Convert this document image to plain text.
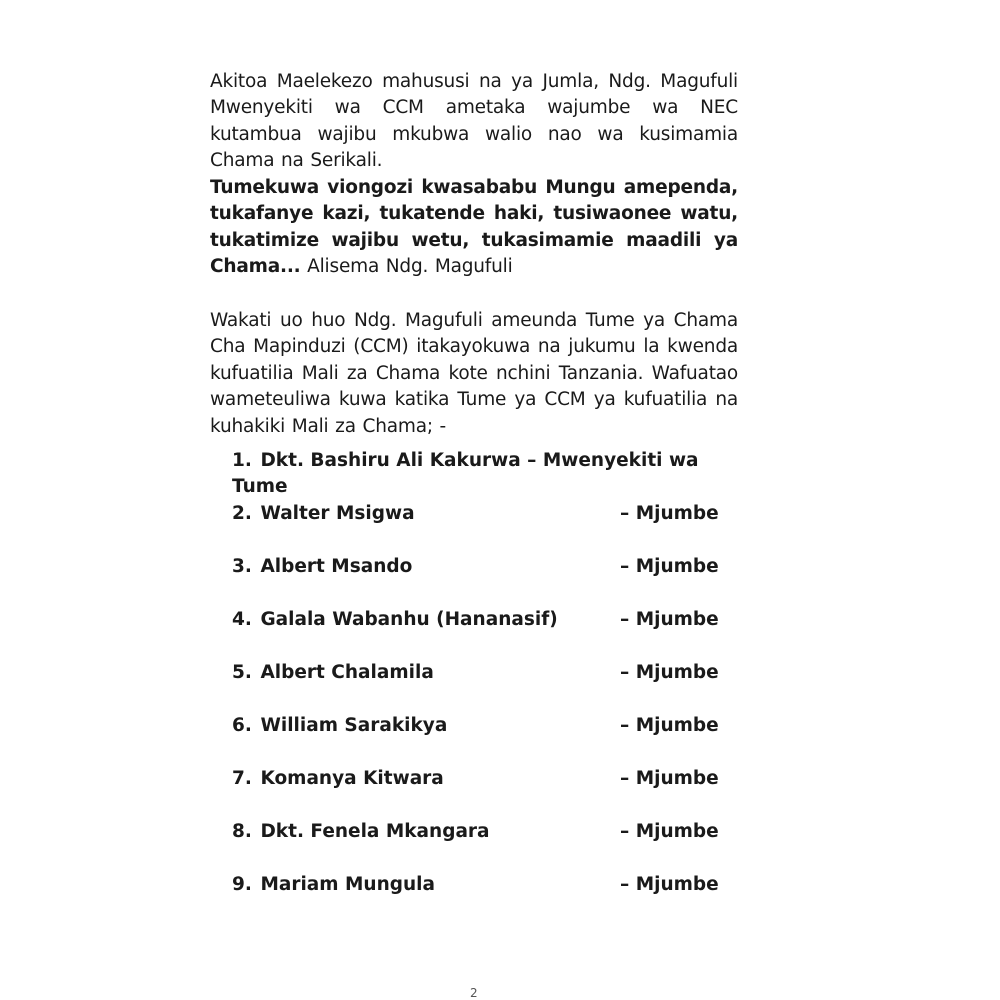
Akitoa Maelekezo mahususi na ya Jumla, Ndg. Magufuli Mwenyekiti wa CCM ametaka wajumbe wa NEC kutambua wajibu mkubwa walio nao wa kusimamia Chama na Serikali.

Tumekuwa viongozi kwasababu Mungu amependa, tukafanye kazi, tukatende haki, tusiwaonee watu, tukatimize wajibu wetu, tukasimamie maadili ya Chama... Alisema Ndg. Magufuli

Wakati uo huo Ndg. Magufuli ameunda Tume ya Chama Cha Mapinduzi (CCM) itakayokuwa na jukumu la kwenda kufuatilia Mali za Chama kote nchini Tanzania. Wafuatao wameteuliwa kuwa katika Tume ya CCM ya kufuatilia na kuhakiki Mali za Chama; -

1. Dkt. Bashiru Ali Kakurwa – Mwenyekiti wa Tume
2. Walter Msigwa	– Mjumbe
3. Albert Msando	– Mjumbe
4. Galala Wabanhu (Hananasif)	– Mjumbe
5. Albert Chalamila	– Mjumbe
6. William Sarakikya	– Mjumbe
7. Komanya Kitwara	– Mjumbe
8. Dkt. Fenela Mkangara	– Mjumbe
9. Mariam Mungula	– Mjumbe
2
